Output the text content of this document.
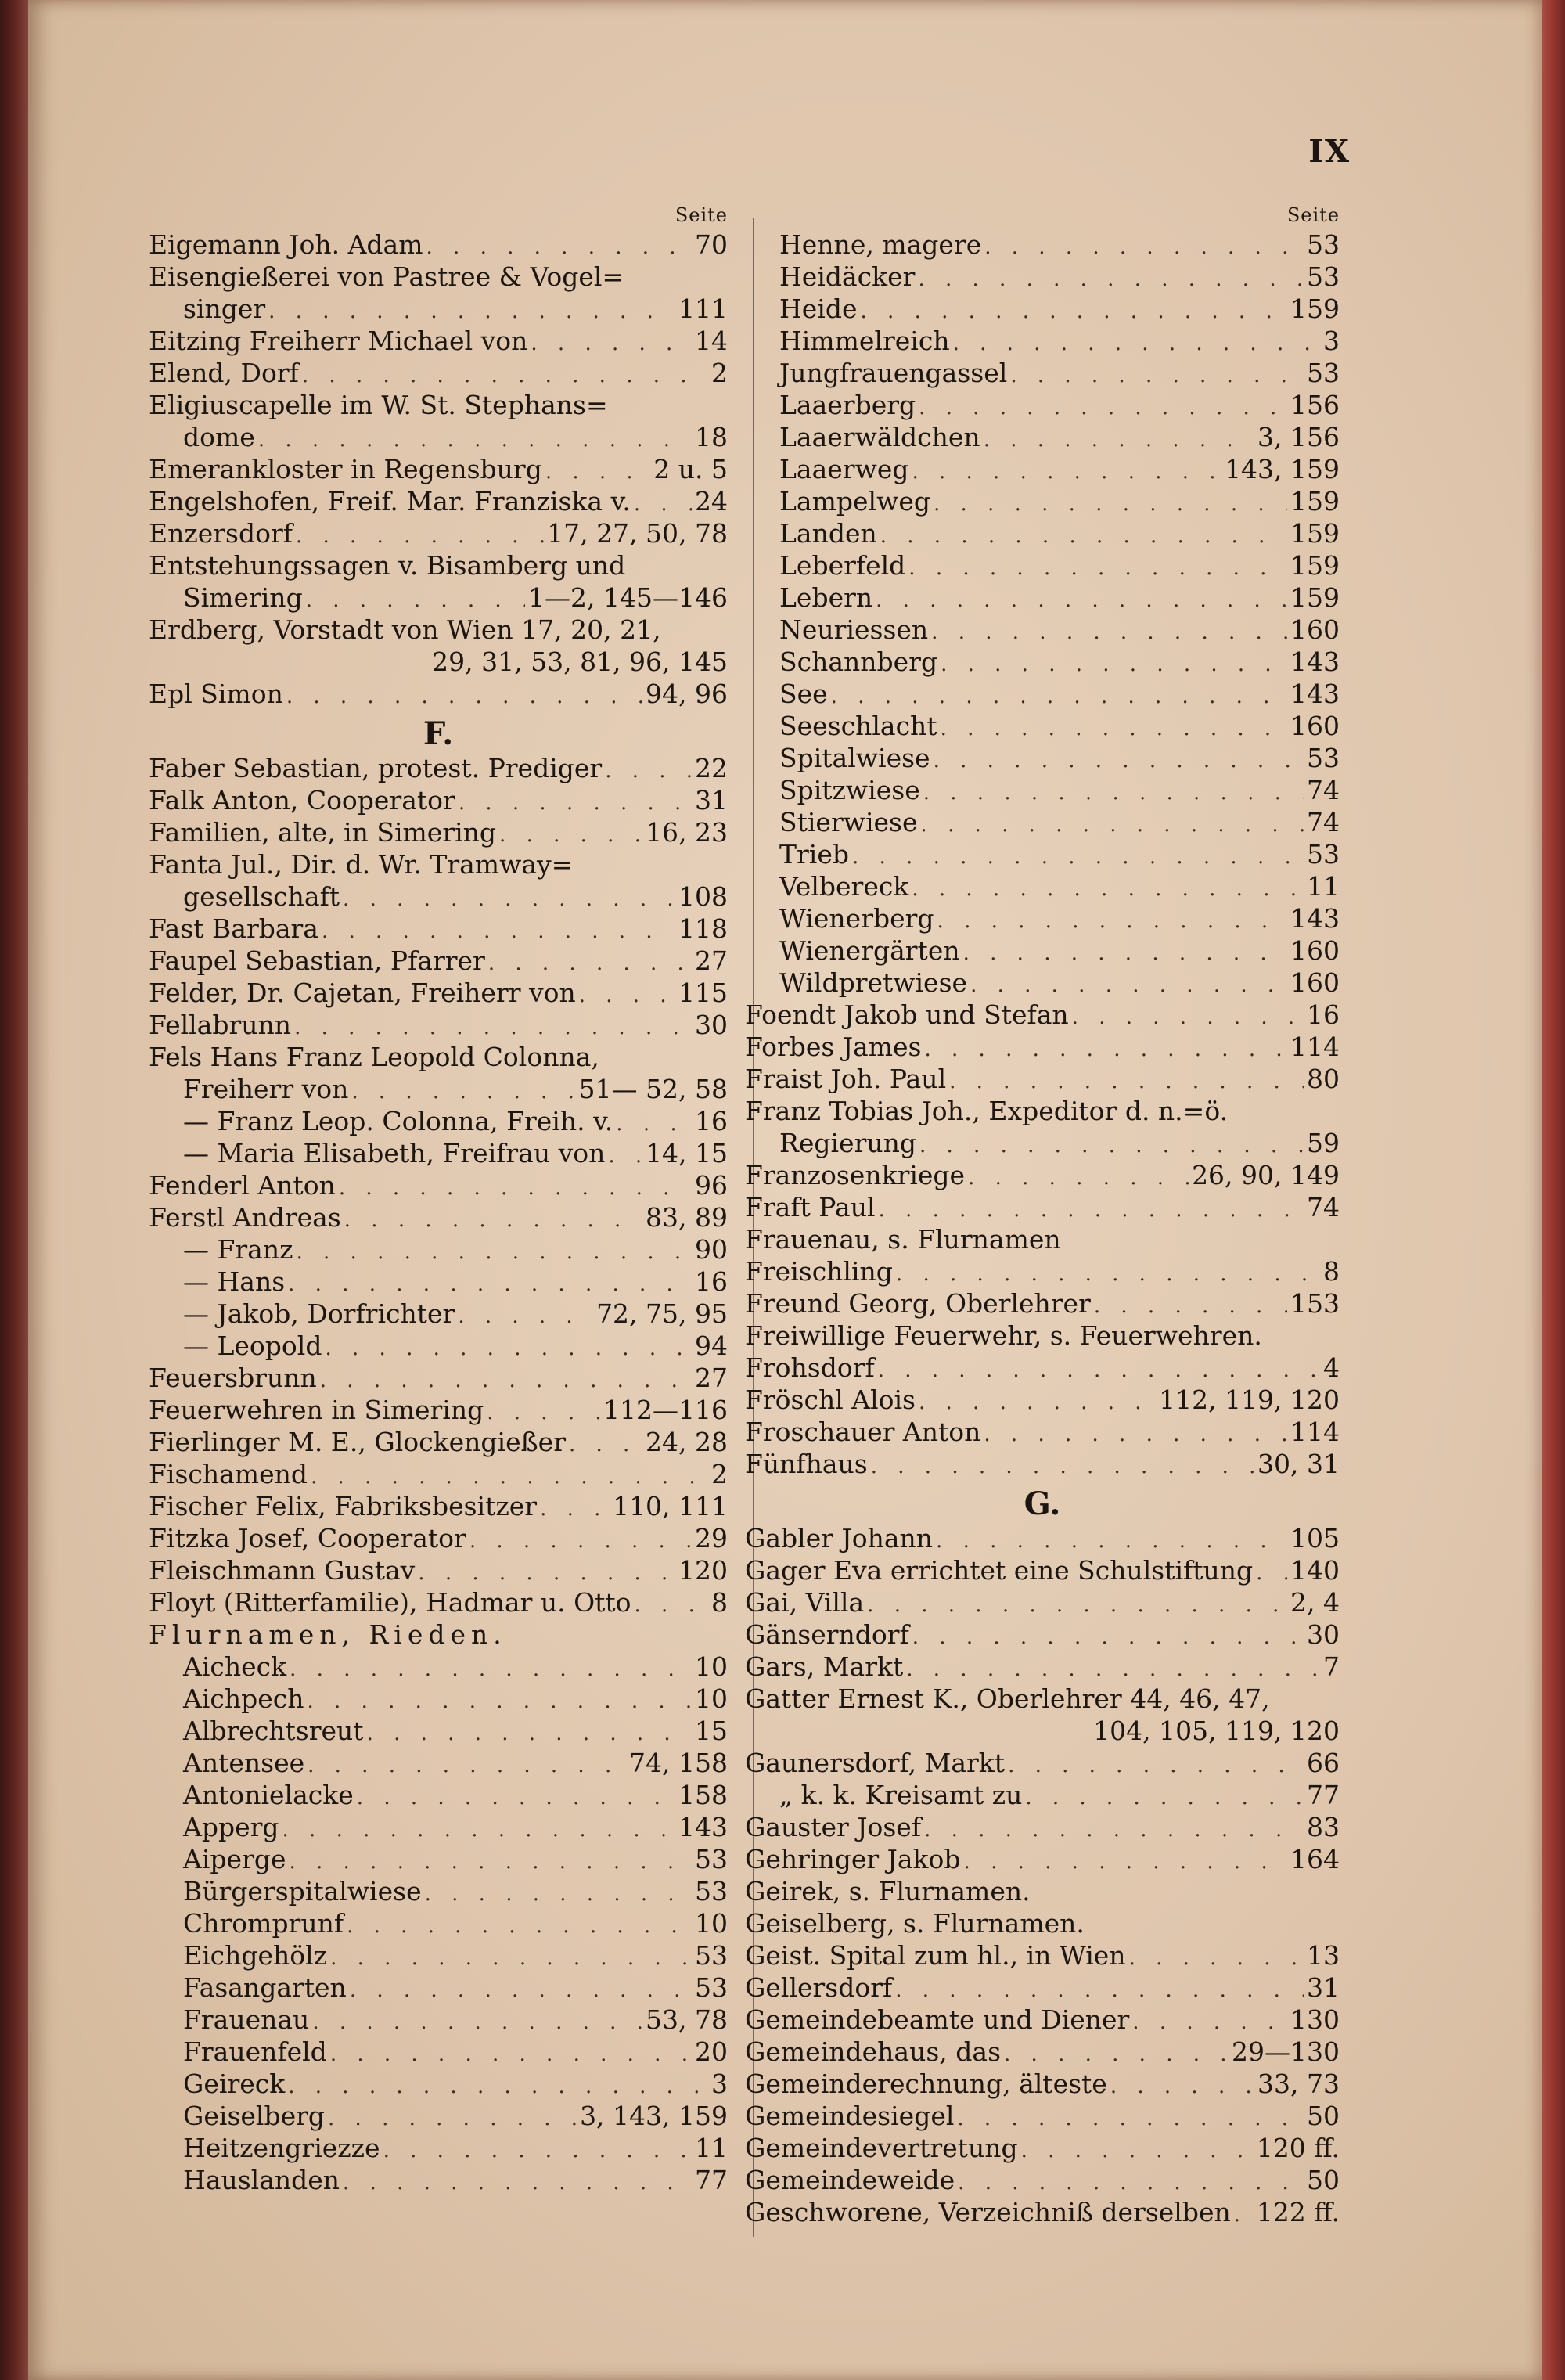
IX
Seite
Eigemann Joh. Adam . . .	70
Eisengießerei von Pastree & Vogel=
singer . . .	111
Eitzing Freiherr Michael von . . .	14
Elend, Dorf . . .	2
Eligiuscapelle im W. St. Stephans=
dome . . .	18
Emerankloster in Regensburg . . .	2 u. 5
Engelshofen, Freif. Mar. Franziska v. . . . 24
Enzersdorf . . .	17, 27, 50, 78
Entstehungssagen v. Bisamberg und
Simering . . .	1—2, 145—146
Erdberg, Vorstadt von Wien 17, 20, 21,
29, 31, 53, 81, 96, 145
Epl Simon . . .	94, 96
F.
Faber Sebastian, protest. Prediger . . .	22
Falk Anton, Cooperator . . .	31
Familien, alte, in Simering . . .	16, 23
Fanta Jul., Dir. d. Wr. Tramway=
gesellschaft . . .	108
Fast Barbara . . .	118
Faupel Sebastian, Pfarrer . . .	27
Felder, Dr. Cajetan, Freiherr von . . .	115
Fellabrunn . . .	30
Fels Hans Franz Leopold Colonna,
Freiherr von . . .	51— 52, 58
— Franz Leop. Colonna, Freih. v. . . .	16
— Maria Elisabeth, Freifrau von . . . 14, 15
Fenderl Anton . . .	96
Ferstl Andreas . . .	83, 89
— Franz . . .	90
— Hans . . .	16
— Jakob, Dorfrichter . . .	72, 75, 95
— Leopold . . .	94
Feuersbrunn . . .	27
Feuerwehren in Simering . . .	112—116
Fierlinger M. E., Glockengießer . . .	24, 28
Fischamend . . .	2
Fischer Felix, Fabriksbesitzer . . .	110, 111
Fitzka Josef, Cooperator . . .	29
Fleischmann Gustav . . .	120
Floyt (Ritterfamilie), Hadmar u. Otto . . .	8
Flurnamen, Rieden.
Aicheck . . .	10
Aichpech . . .	10
Albrechtsreut . . .	15
Antensee . . .	74, 158
Antonielacke . . .	158
Apperg . . .	143
Aiperge . . .	53
Bürgerspitalwiese . . .	53
Chromprunf . . .	10
Eichgehölz . . .	53
Fasangarten . . .	53
Frauenau . . .	53, 78
Frauenfeld . . .	20
Geireck . . .	3
Geiselberg . . .	3, 143, 159
Heitzengriezze . . .	11
Hauslanden . . .	77
Seite
Henne, magere . . .	53
Heidäcker . . .	53
Heide . . .	159
Himmelreich . . .	3
Jungfrauengassel . . .	53
Laaerberg . . .	156
Laaerwäldchen . . .	3, 156
Laaerweg . . .	143, 159
Lampelweg . . .	159
Landen . . .	159
Leberfeld . . .	159
Lebern . . .	159
Neuriessen . . .	160
Schannberg . . .	143
See . . .	143
Seeschlacht . . .	160
Spitalwiese . . .	53
Spitzwiese . . .	74
Stierwiese . . .	74
Trieb . . .	53
Velbereck . . .	11
Wienerberg . . .	143
Wienergärten . . .	160
Wildpretwiese . . .	160
Foendt Jakob und Stefan . . .	16
Forbes James . . .	114
Fraist Joh. Paul . . .	80
Franz Tobias Joh., Expeditor d. n.=ö.
Regierung . . .	59
Franzosenkriege . . .	26, 90, 149
Fraft Paul . . .	74
Frauenau, s. Flurnamen
Freischling . . .	8
Freund Georg, Oberlehrer . . .	153
Freiwillige Feuerwehr, s. Feuerwehren.
Frohsdorf . . .	4
Fröschl Alois . . .	112, 119, 120
Froschauer Anton . . .	114
Fünfhaus . . .	30, 31
G.
Gabler Johann . . .	105
Gager Eva errichtet eine Schulstiftung . . . 140
Gai, Villa . . .	2, 4
Gänserndorf . . .	30
Gars, Markt . . .	7
Gatter Ernest K., Oberlehrer 44, 46, 47,
104, 105, 119, 120
Gaunersdorf, Markt . . .	66
„ k. k. Kreisamt zu . . .	77
Gauster Josef . . .	83
Gehringer Jakob . . .	164
Geirek, s. Flurnamen.
Geiselberg, s. Flurnamen.
Geist. Spital zum hl., in Wien . . .	13
Gellersdorf . . .	31
Gemeindebeamte und Diener . . .	130
Gemeindehaus, das . . .	29—130
Gemeinderechnung, älteste . . .	33, 73
Gemeindesiegel . . .	50
Gemeindevertretung . . .	120 ff.
Gemeindeweide . . .	50
Geschworene, Verzeichniß derselben . . . 122 ff.
